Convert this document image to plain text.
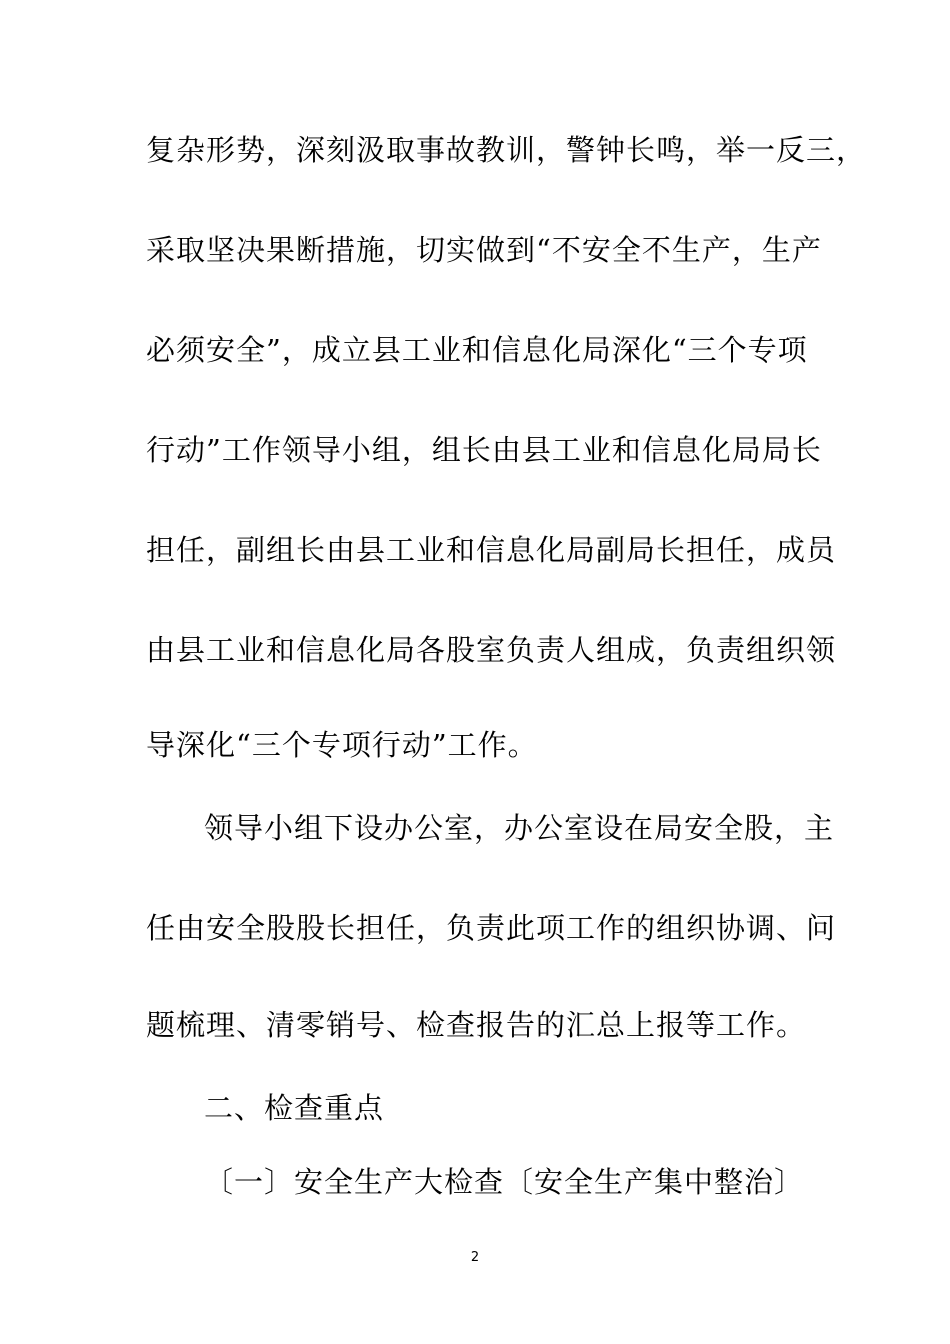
复杂形势，深刻汲取事故教训，警钟长鸣，举一反三，
采取坚决果断措施，切实做到“不安全不生产，生产
必须安全”，成立县工业和信息化局深化“三个专项
行动”工作领导小组，组长由县工业和信息化局局长
担任，副组长由县工业和信息化局副局长担任，成员
由县工业和信息化局各股室负责人组成，负责组织领
导深化“三个专项行动”工作。
领导小组下设办公室，办公室设在局安全股，主
任由安全股股长担任，负责此项工作的组织协调、问
题梳理、清零销号、检查报告的汇总上报等工作。
二、检查重点
〔一〕安全生产大检查〔安全生产集中整治〕
2
